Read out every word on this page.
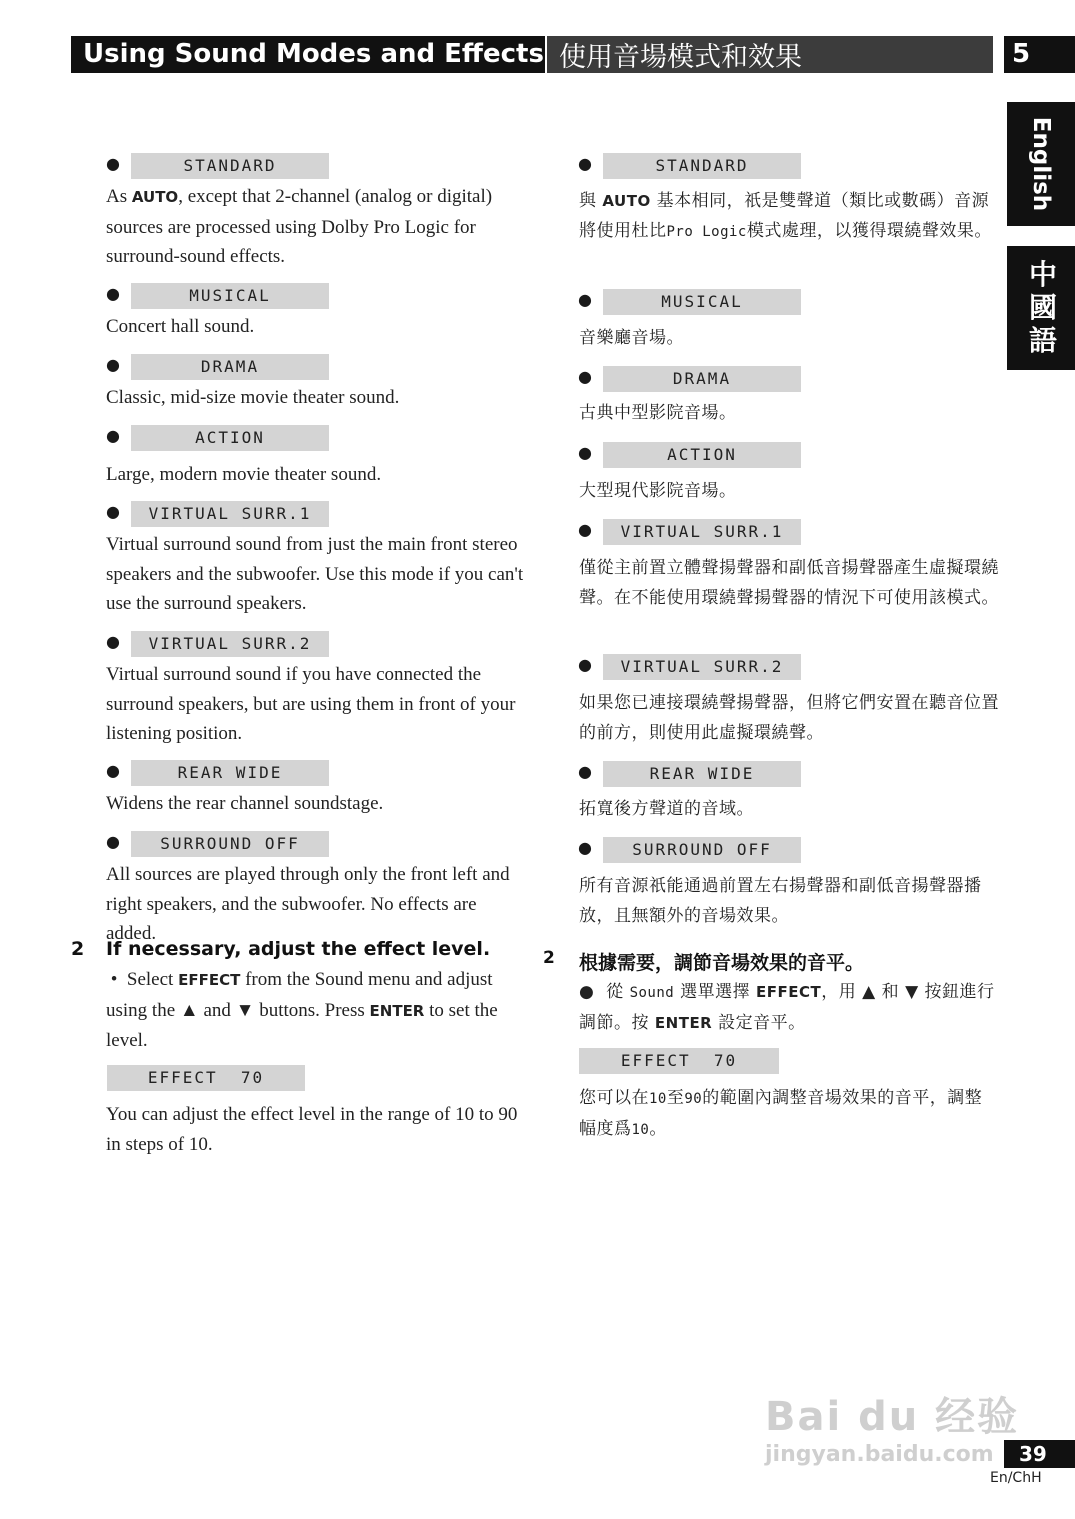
Using Sound Modes and Effects 使用音場模式和效果	5
English
中國語
●	STANDARD
As AUTO, except that 2-channel (analog or digital) sources are processed using Dolby Pro Logic for surround-sound effects.
●	MUSICAL
Concert hall sound.
●	DRAMA
Classic, mid-size movie theater sound.
●	ACTION
Large, modern movie theater sound.
●	VIRTUAL SURR.1
Virtual surround sound from just the main front stereo speakers and the subwoofer. Use this mode if you can't use the surround speakers.
●	VIRTUAL SURR.2
Virtual surround sound if you have connected the surround speakers, but are using them in front of your listening position.
●	REAR WIDE
Widens the rear channel soundstage.
●	SURROUND OFF
All sources are played through only the front left and right speakers, and the subwoofer. No effects are added.
2 If necessary, adjust the effect level.
•  Select EFFECT from the Sound menu and adjust using the ▲ and ▼ buttons. Press ENTER to set the level.
EFFECT  70
You can adjust the effect level in the range of 10 to 90 in steps of 10.
●	STANDARD
與 AUTO 基本相同，祇是雙聲道（類比或數碼）音源將使用杜比Pro Logic模式處理，以獲得環繞聲效果。
●	MUSICAL
音樂廳音場。
●	DRAMA
古典中型影院音場。
●	ACTION
大型現代影院音場。
●	VIRTUAL SURR.1
僅從主前置立體聲揚聲器和副低音揚聲器產生虛擬環繞聲。在不能使用環繞聲揚聲器的情況下可使用該模式。
●	VIRTUAL SURR.2
如果您已連接環繞聲揚聲器，但將它們安置在聽音位置的前方，則使用此虛擬環繞聲。
●	REAR WIDE
拓寬後方聲道的音域。
●	SURROUND OFF
所有音源祇能通過前置左右揚聲器和副低音揚聲器播放，且無額外的音場效果。
2 根據需要，調節音場效果的音平。
●  從 Sound 選單選擇 EFFECT，用 ▲ 和 ▼ 按鈕進行調節。按 ENTER 設定音平。
EFFECT  70
您可以在10至90的範圍內調整音場效果的音平，調整幅度爲10。
Bai du 经验
jingyan.baidu.com	39
En/ChH
